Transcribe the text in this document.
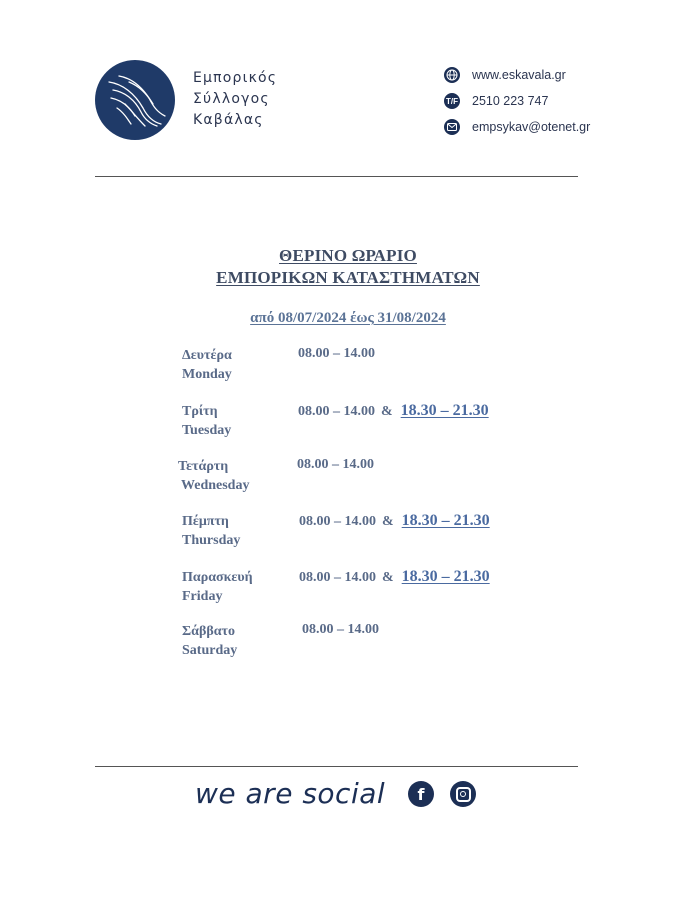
Εμπορικός
Σύλλογος
Καβάλας
www.eskavala.gr
T/F 2510 223 747
empsykav@otenet.gr
ΘΕΡΙΝΟ ΩΡΑΡΙΟ
ΕΜΠΟΡΙΚΩΝ ΚΑΤΑΣΤΗΜΑΤΩΝ
από 08/07/2024 έως 31/08/2024
Δευτέρα
Monday
08.00 – 14.00
Τρίτη
Tuesday
08.00 – 14.00 & 18.30 – 21.30
Τετάρτη
Wednesday
08.00 – 14.00
Πέμπτη
Thursday
08.00 – 14.00 & 18.30 – 21.30
Παρασκευή
Friday
08.00 – 14.00 & 18.30 – 21.30
Σάββατο
Saturday
08.00 – 14.00
we are social	f
